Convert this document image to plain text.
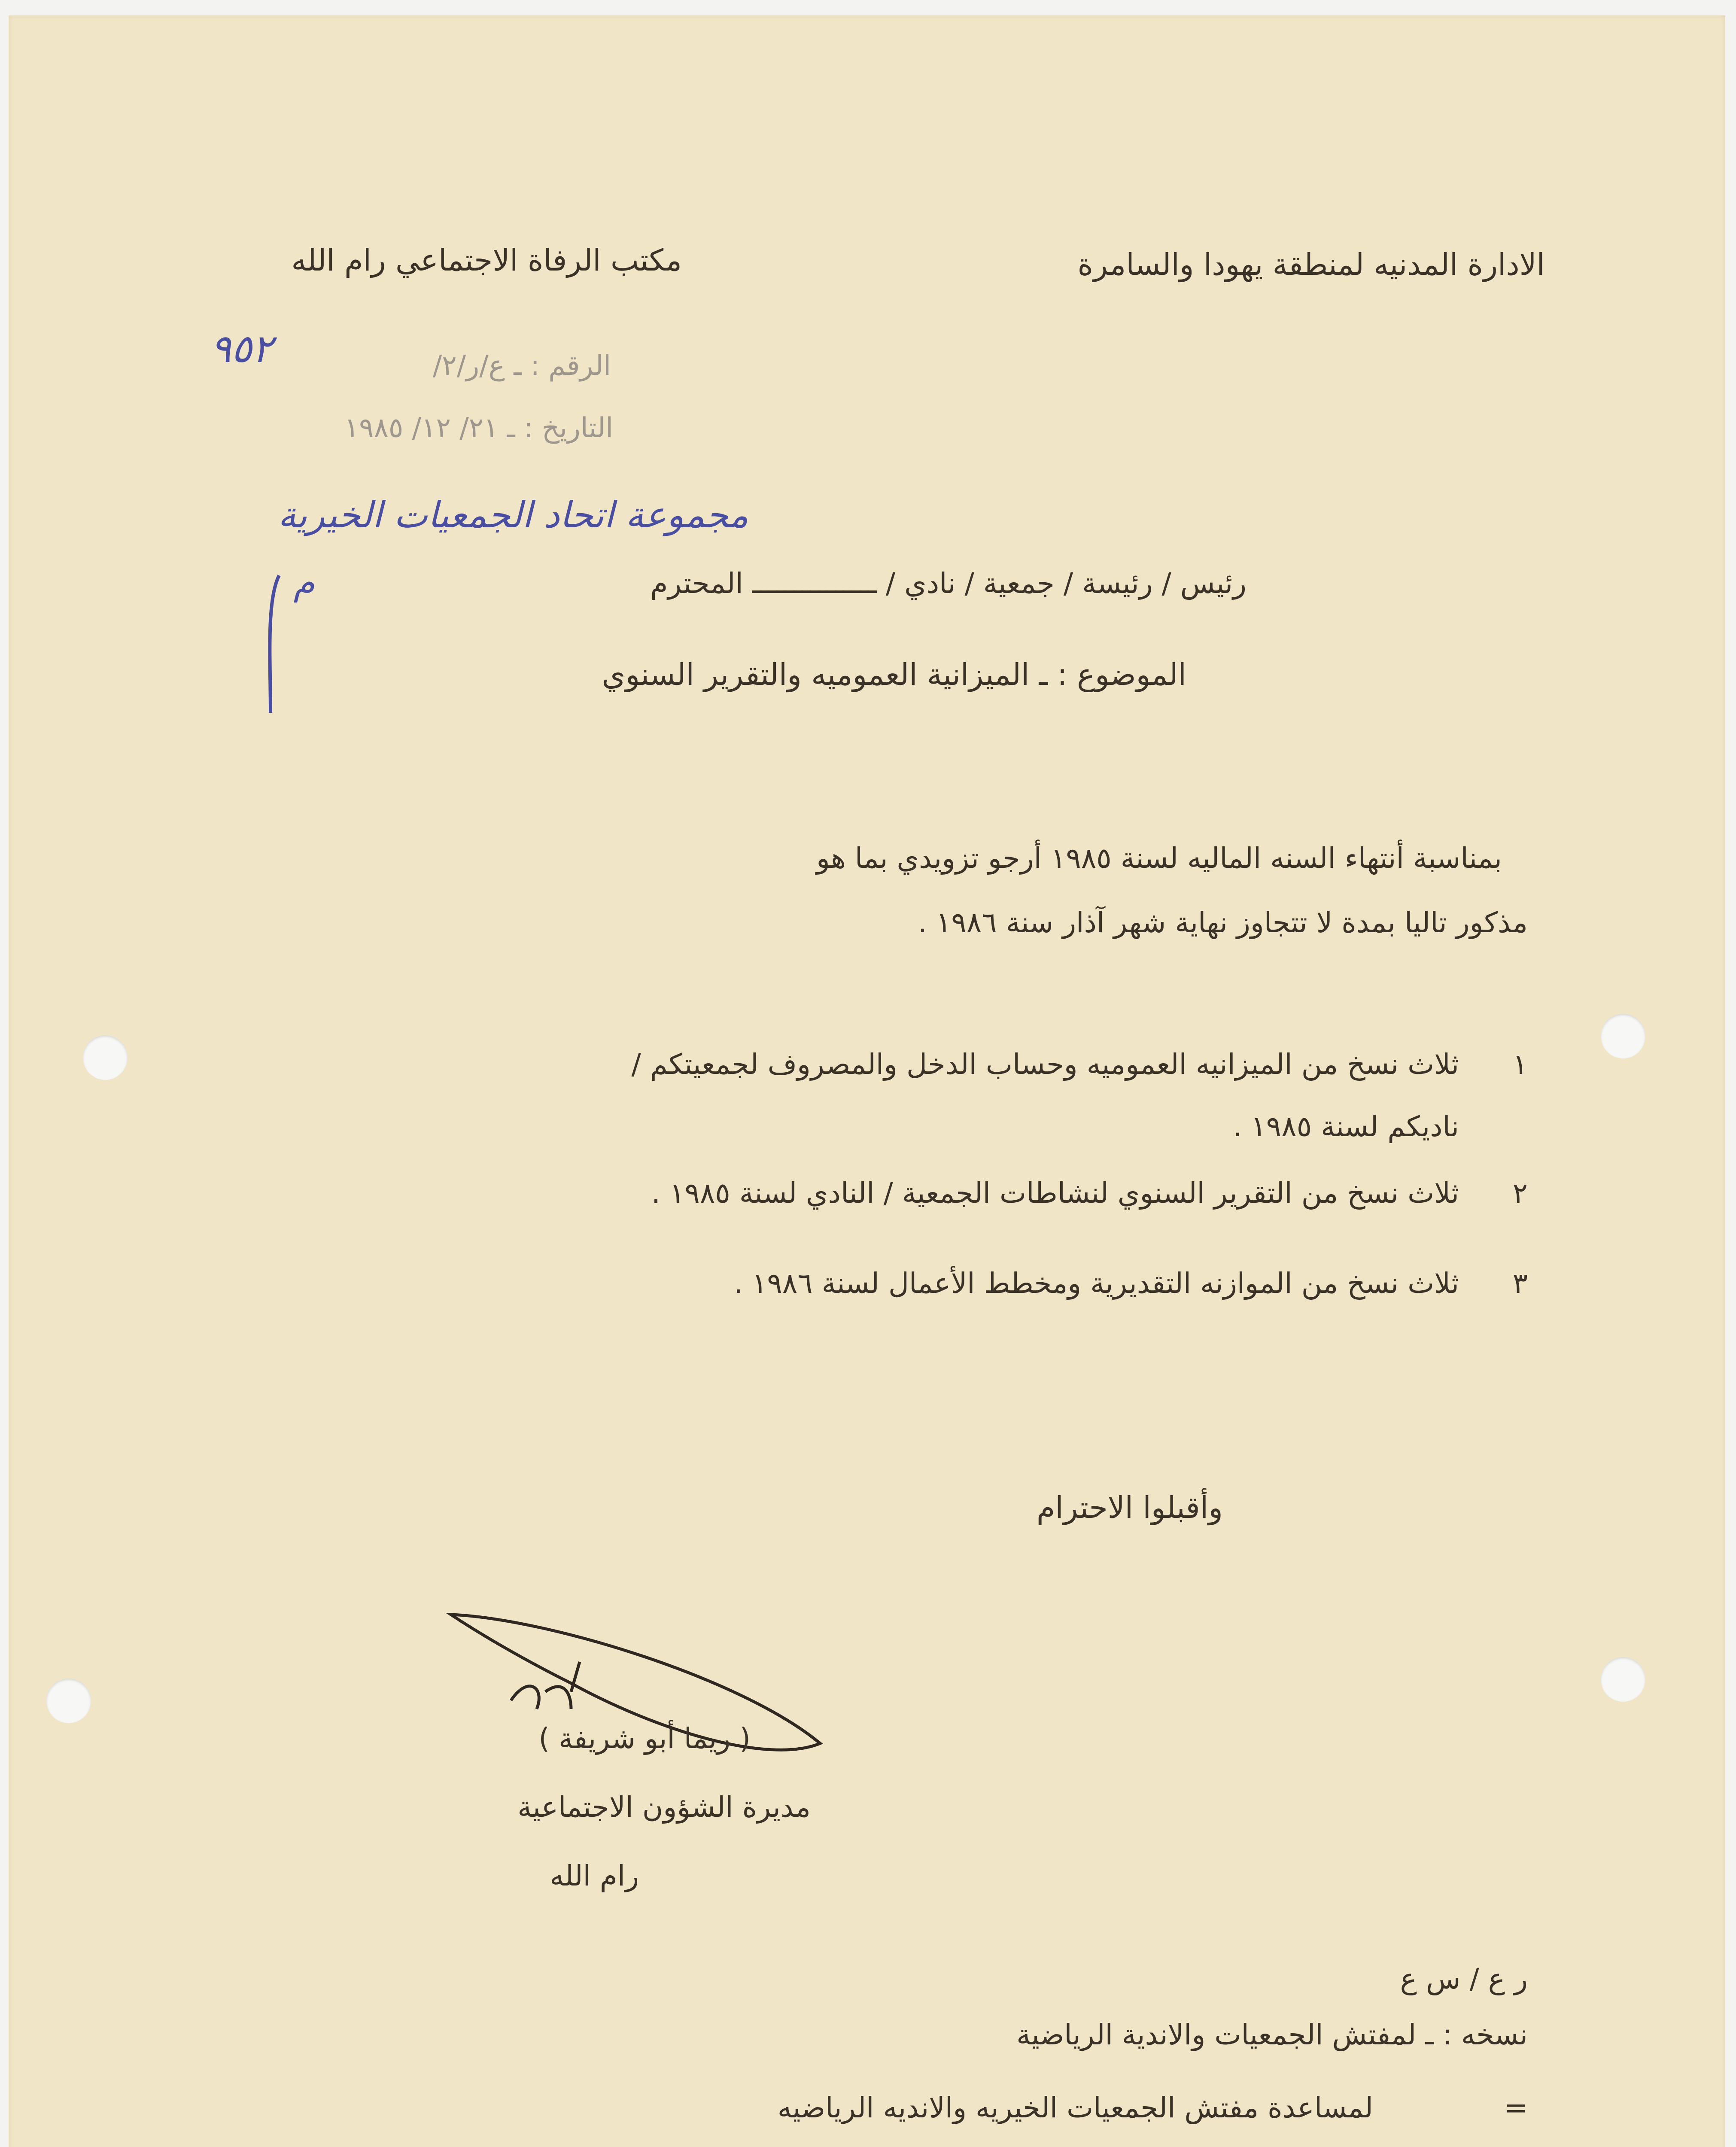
الادارة المدنيه لمنطقة يهودا والسامرة
مكتب الرفاة الاجتماعي رام الله
الرقم : ـ ع/ر/٢/
٩٥٢
التاريخ : ـ ٢١/ ١٢/ ١٩٨٥
مجموعة اتحاد الجمعيات الخيرية
رئيس / رئيسة / جمعية / نادي / ـــــــــــــــ المحترم
م
الموضوع : ـ الميزانية العموميه والتقرير السنوي
بمناسبة أنتهاء السنه الماليه لسنة ١٩٨٥ أرجو تزويدي بما هو
مذكور تاليا بمدة لا تتجاوز نهاية شهر آذار سنة ١٩٨٦ .
١
ثلاث نسخ من الميزانيه العموميه وحساب الدخل والمصروف لجمعيتكم /
ناديكم لسنة ١٩٨٥ .
٢
ثلاث نسخ من التقرير السنوي لنشاطات الجمعية / النادي لسنة ١٩٨٥ .
٣
ثلاث نسخ من الموازنه التقديرية ومخطط الأعمال لسنة ١٩٨٦ .
وأقبلوا الاحترام
( ريما أبو شريفة )
مديرة الشؤون الاجتماعية
رام الله
ر ع / س ع
نسخه : ـ لمفتش الجمعيات والاندية الرياضية
=
لمساعدة مفتش الجمعيات الخيريه والانديه الرياضيه
